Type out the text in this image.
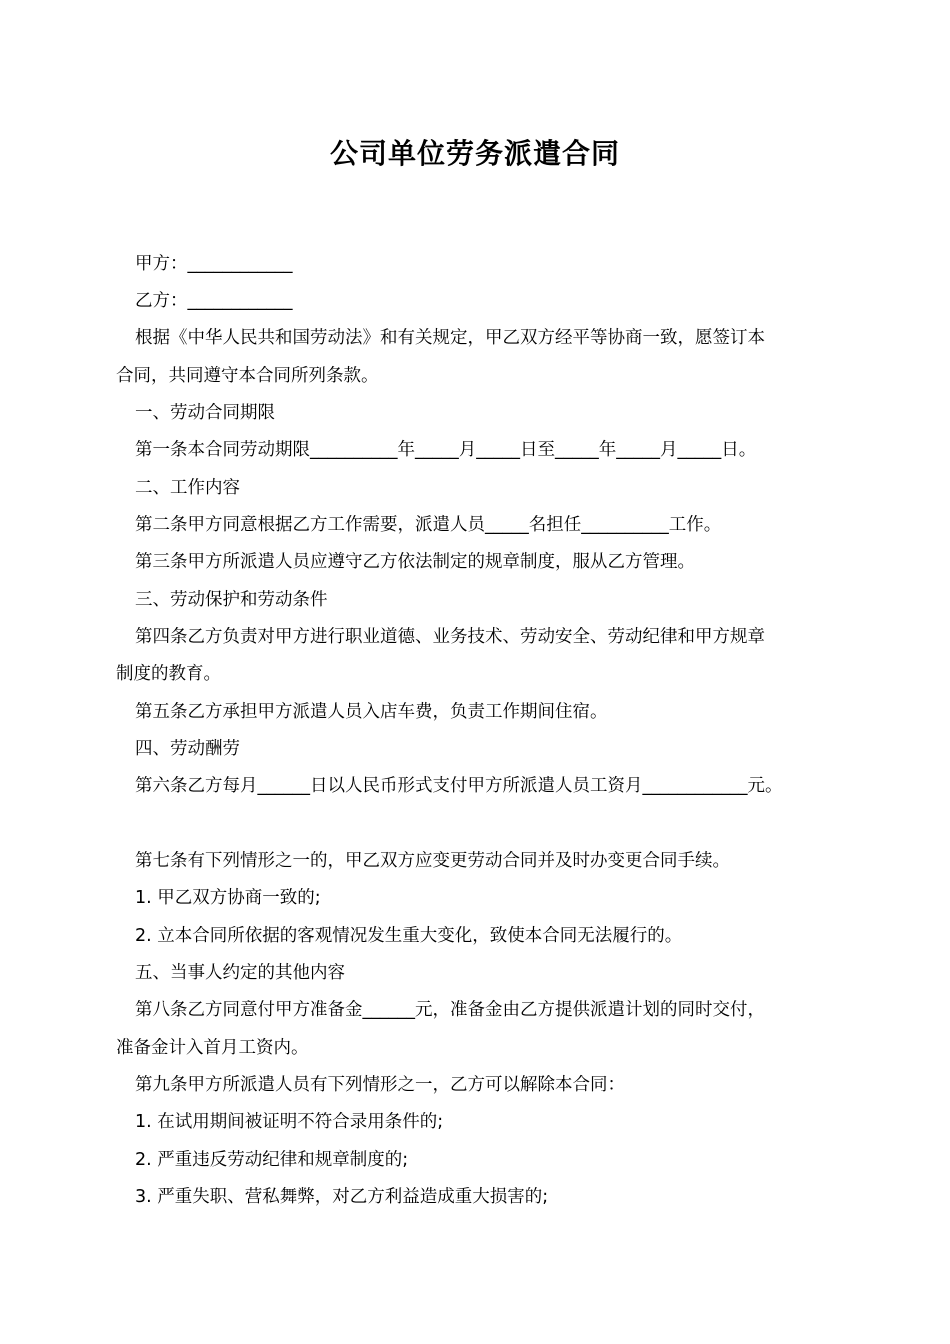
公司单位劳务派遣合同

甲方：____________

乙方：____________

根据《中华人民共和国劳动法》和有关规定，甲乙双方经平等协商一致，愿签订本

合同，共同遵守本合同所列条款。

一、劳动合同期限

第一条本合同劳动期限__________年_____月_____日至_____年_____月_____日。

二、工作内容

第二条甲方同意根据乙方工作需要，派遣人员_____名担任__________工作。

第三条甲方所派遣人员应遵守乙方依法制定的规章制度，服从乙方管理。

三、劳动保护和劳动条件

第四条乙方负责对甲方进行职业道德、业务技术、劳动安全、劳动纪律和甲方规章

制度的教育。

第五条乙方承担甲方派遣人员入店车费，负责工作期间住宿。

四、劳动酬劳

第六条乙方每月______日以人民币形式支付甲方所派遣人员工资月____________元。

第七条有下列情形之一的，甲乙双方应变更劳动合同并及时办变更合同手续。

1. 甲乙双方协商一致的;

2. 立本合同所依据的客观情况发生重大变化，致使本合同无法履行的。

五、当事人约定的其他内容

第八条乙方同意付甲方准备金______元，准备金由乙方提供派遣计划的同时交付，

准备金计入首月工资内。

第九条甲方所派遣人员有下列情形之一，乙方可以解除本合同：

1. 在试用期间被证明不符合录用条件的;

2. 严重违反劳动纪律和规章制度的;

3. 严重失职、营私舞弊，对乙方利益造成重大损害的;
